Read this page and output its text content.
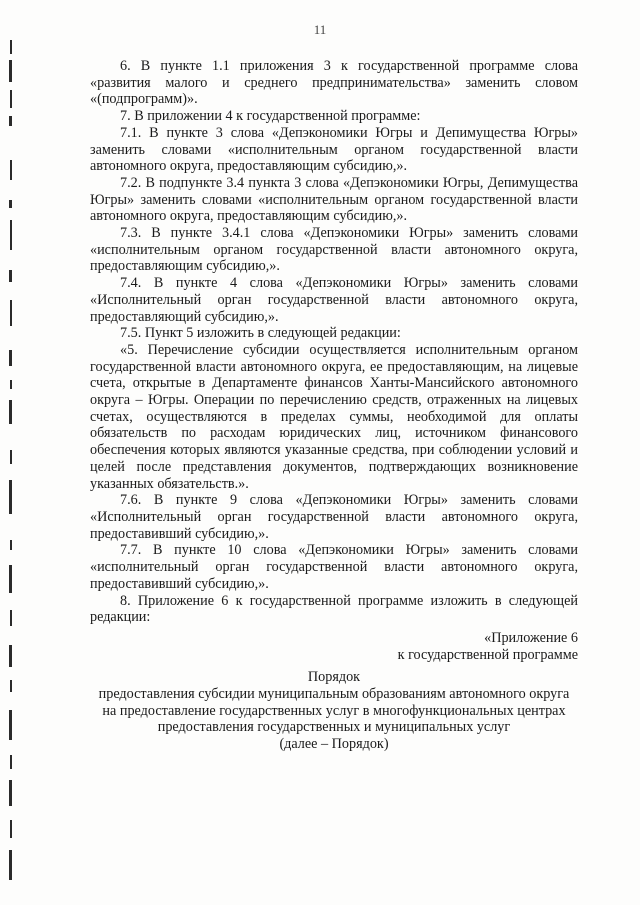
11

6. В пункте 1.1 приложения 3 к государственной программе слова «развития малого и среднего предпринимательства» заменить словом «(подпрограмм)».

7. В приложении 4 к государственной программе:

7.1. В пункте 3 слова «Депэкономики Югры и Депимущества Югры» заменить словами «исполнительным органом государственной власти автономного округа, предоставляющим субсидию,».

7.2. В подпункте 3.4 пункта 3 слова «Депэкономики Югры, Депимущества Югры» заменить словами «исполнительным органом государственной власти автономного округа, предоставляющим субсидию,».

7.3. В пункте 3.4.1 слова «Депэкономики Югры» заменить словами «исполнительным органом государственной власти автономного округа, предоставляющим субсидию,».

7.4. В пункте 4 слова «Депэкономики Югры» заменить словами «Исполнительный орган государственной власти автономного округа, предоставляющий субсидию,».

7.5. Пункт 5 изложить в следующей редакции:

«5. Перечисление субсидии осуществляется исполнительным органом государственной власти автономного округа, ее предоставляющим, на лицевые счета, открытые в Департаменте финансов Ханты-Мансийского автономного округа – Югры. Операции по перечислению средств, отраженных на лицевых счетах, осуществляются в пределах суммы, необходимой для оплаты обязательств по расходам юридических лиц, источником финансового обеспечения которых являются указанные средства, при соблюдении условий и целей после представления документов, подтверждающих возникновение указанных обязательств.».

7.6. В пункте 9 слова «Депэкономики Югры» заменить словами «Исполнительный орган государственной власти автономного округа, предоставивший субсидию,».

7.7. В пункте 10 слова «Депэкономики Югры» заменить словами «исполнительный орган государственной власти автономного округа, предоставивший субсидию,».

8. Приложение 6 к государственной программе изложить в следующей редакции:

«Приложение 6

к государственной программе

Порядок

предоставления субсидии муниципальным образованиям автономного округа на предоставление государственных услуг в многофункциональных центрах предоставления государственных и муниципальных услуг

(далее – Порядок)
